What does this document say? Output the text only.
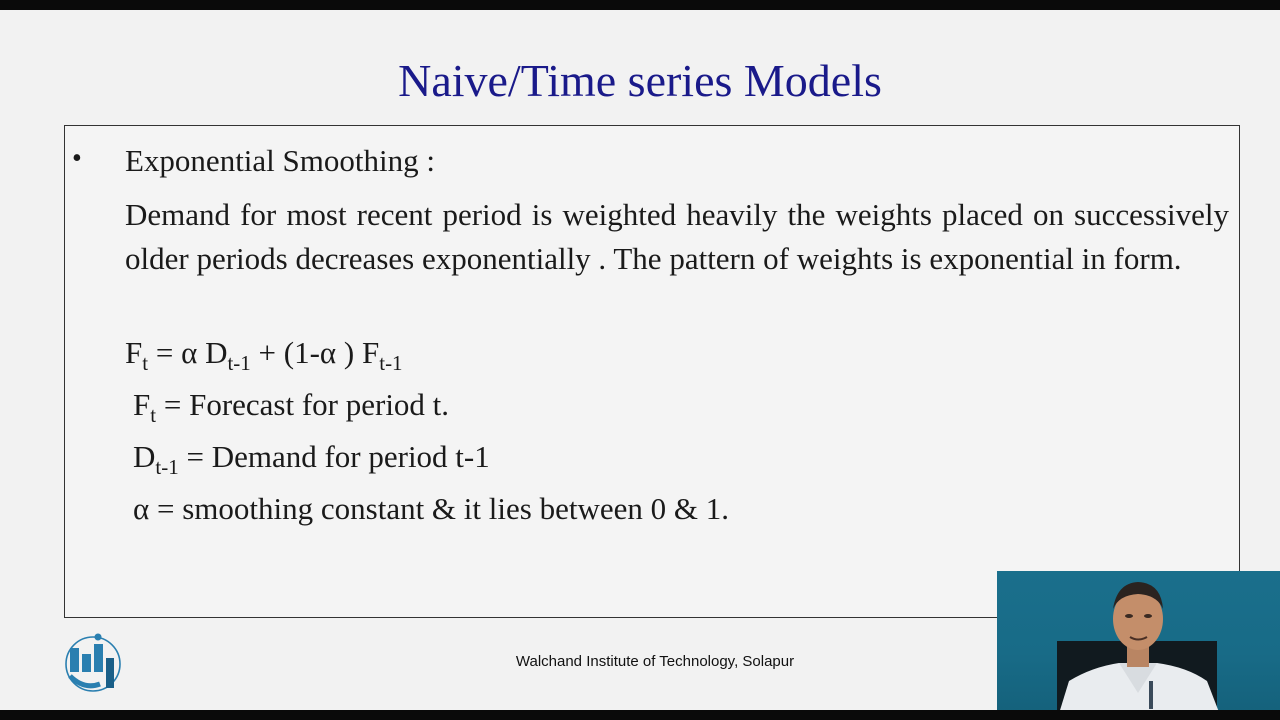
Naive/Time series Models
• Exponential Smoothing :

Demand for most recent period is weighted heavily the weights placed on successively older periods decreases exponentially . The pattern of weights is exponential in form.

$F_t = \alpha$ $D_{t-1} + (1-\alpha$ ) $F_{t-1}$
$F_t$ = Forecast for period t.
$D_{t-1}$ = Demand for period t-1
α = smoothing constant & it lies between 0 & 1.
Walchand Institute of Technology, Solapur
